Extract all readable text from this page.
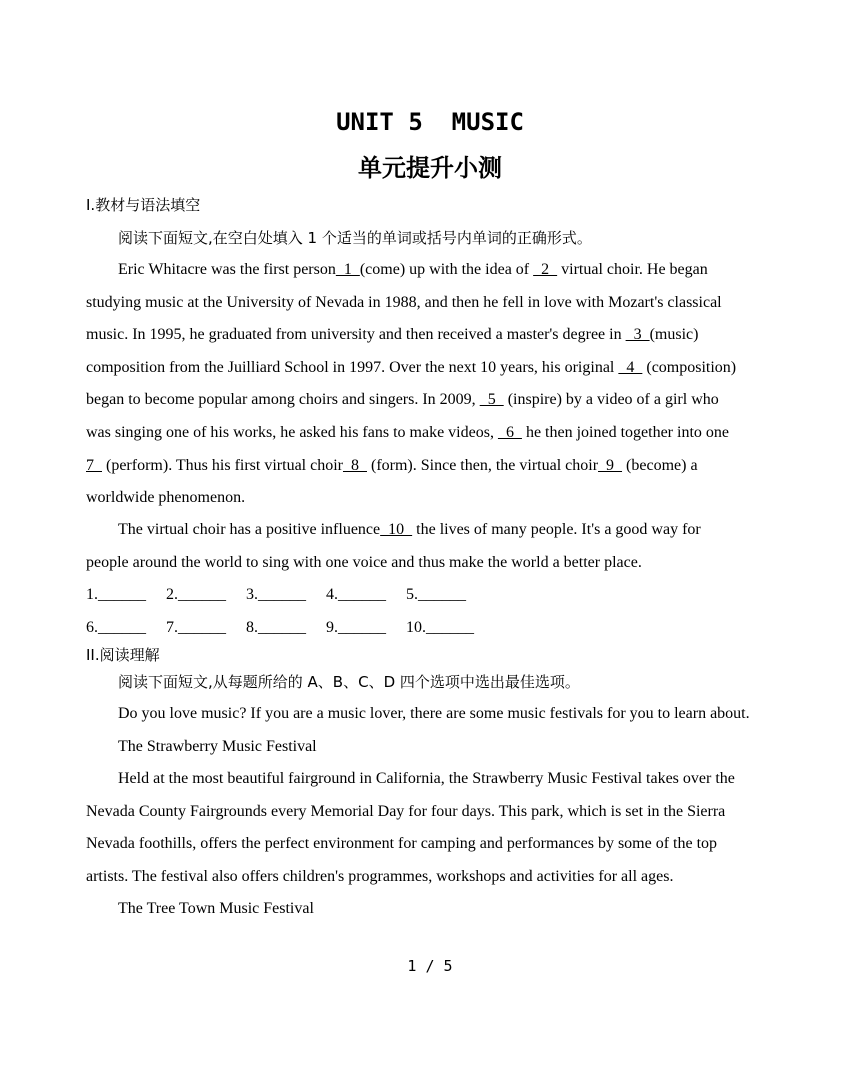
UNIT 5  MUSIC
单元提升小测
I.教材与语法填空
阅读下面短文,在空白处填入 1 个适当的单词或括号内单词的正确形式。
Eric Whitacre was the first person  1  (come) up with the idea of   2   virtual choir. He began
studying music at the University of Nevada in 1988, and then he fell in love with Mozart's classical
music. In 1995, he graduated from university and then received a master's degree in   3  (music)
composition from the Juilliard School in 1997. Over the next 10 years, his original   4   (composition)
began to become popular among choirs and singers. In 2009,   5   (inspire) by a video of a girl who
was singing one of his works, he asked his fans to make videos,   6   he then joined together into one
7   (perform). Thus his first virtual choir  8   (form). Since then, the virtual choir  9   (become) a
worldwide phenomenon.
The virtual choir has a positive influence  10   the lives of many people. It's a good way for
people around the world to sing with one voice and thus make the world a better place.
1.______ 2.______ 3.______ 4.______ 5.______
6.______ 7.______ 8.______ 9.______ 10.______
II.阅读理解
阅读下面短文,从每题所给的 A、B、C、D 四个选项中选出最佳选项。
Do you love music? If you are a music lover, there are some music festivals for you to learn about.
The Strawberry Music Festival
Held at the most beautiful fairground in California, the Strawberry Music Festival takes over the
Nevada County Fairgrounds every Memorial Day for four days. This park, which is set in the Sierra
Nevada foothills, offers the perfect environment for camping and performances by some of the top
artists. The festival also offers children's programmes, workshops and activities for all ages.
The Tree Town Music Festival
1 / 5
